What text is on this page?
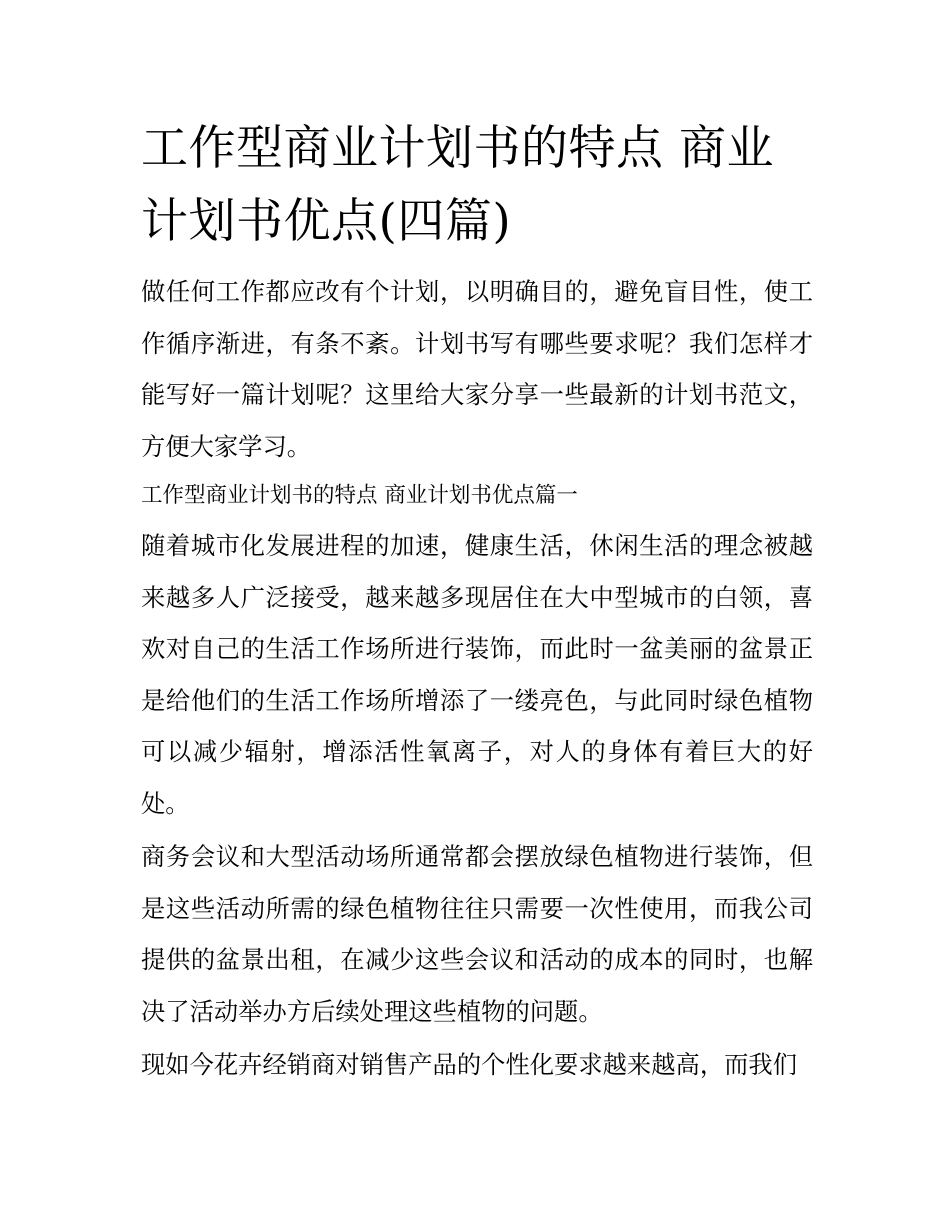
工作型商业计划书的特点 商业计划书优点(四篇)

做任何工作都应改有个计划，以明确目的，避免盲目性，使工作循序渐进，有条不紊。计划书写有哪些要求呢？我们怎样才能写好一篇计划呢？这里给大家分享一些最新的计划书范文，方便大家学习。

工作型商业计划书的特点 商业计划书优点篇一

随着城市化发展进程的加速，健康生活，休闲生活的理念被越来越多人广泛接受，越来越多现居住在大中型城市的白领，喜欢对自己的生活工作场所进行装饰，而此时一盆美丽的盆景正是给他们的生活工作场所增添了一缕亮色，与此同时绿色植物可以减少辐射，增添活性氧离子，对人的身体有着巨大的好处。

商务会议和大型活动场所通常都会摆放绿色植物进行装饰，但是这些活动所需的绿色植物往往只需要一次性使用，而我公司提供的盆景出租，在减少这些会议和活动的成本的同时，也解决了活动举办方后续处理这些植物的问题。

现如今花卉经销商对销售产品的个性化要求越来越高，而我们
